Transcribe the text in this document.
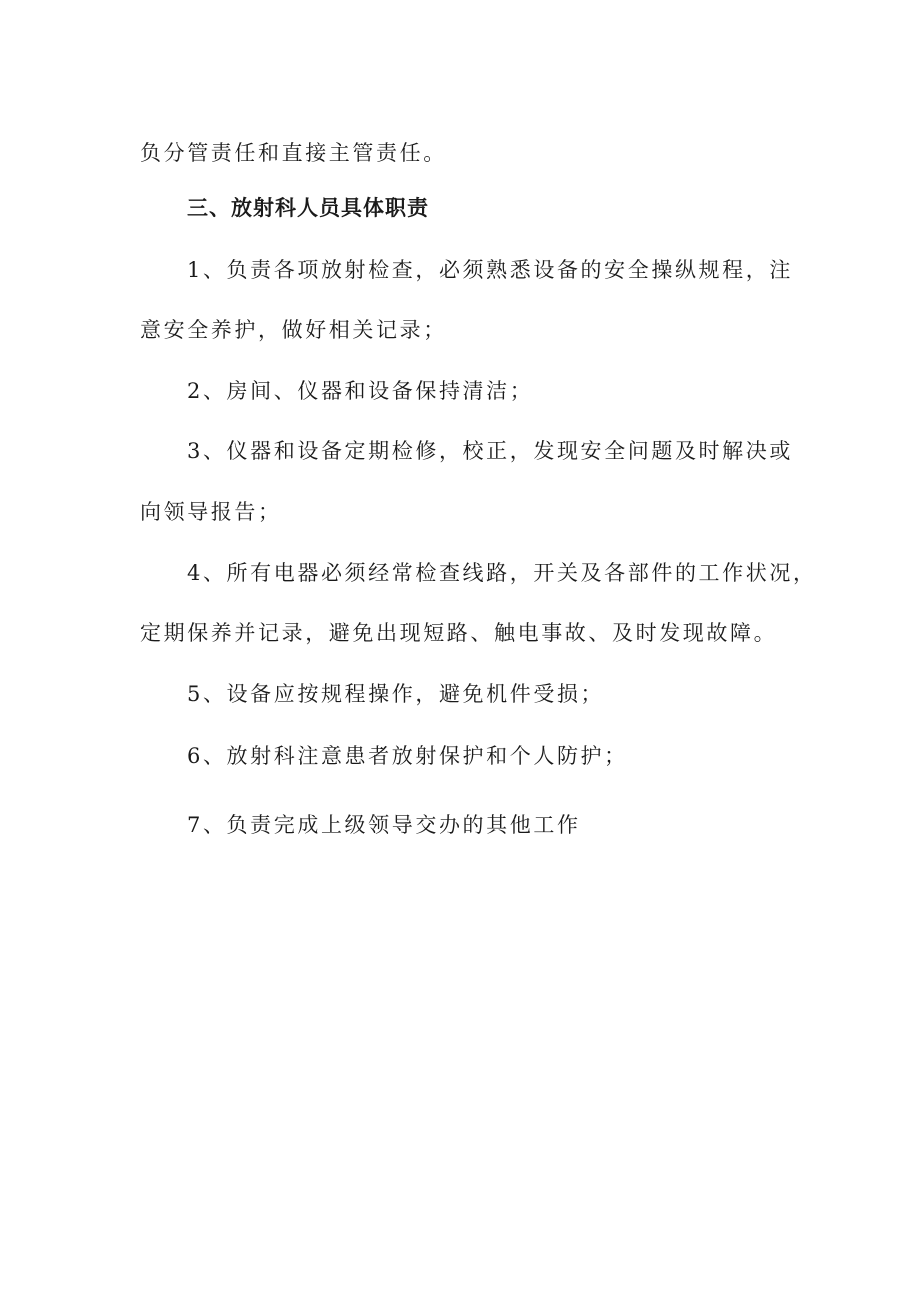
负分管责任和直接主管责任。

三、放射科人员具体职责

1、负责各项放射检查，必须熟悉设备的安全操纵规程，注

意安全养护，做好相关记录；

2、房间、仪器和设备保持清洁；

3、仪器和设备定期检修，校正，发现安全问题及时解决或

向领导报告；

4、所有电器必须经常检查线路，开关及各部件的工作状况，

定期保养并记录，避免出现短路、触电事故、及时发现故障。

5、设备应按规程操作，避免机件受损；

6、放射科注意患者放射保护和个人防护；

7、负责完成上级领导交办的其他工作
